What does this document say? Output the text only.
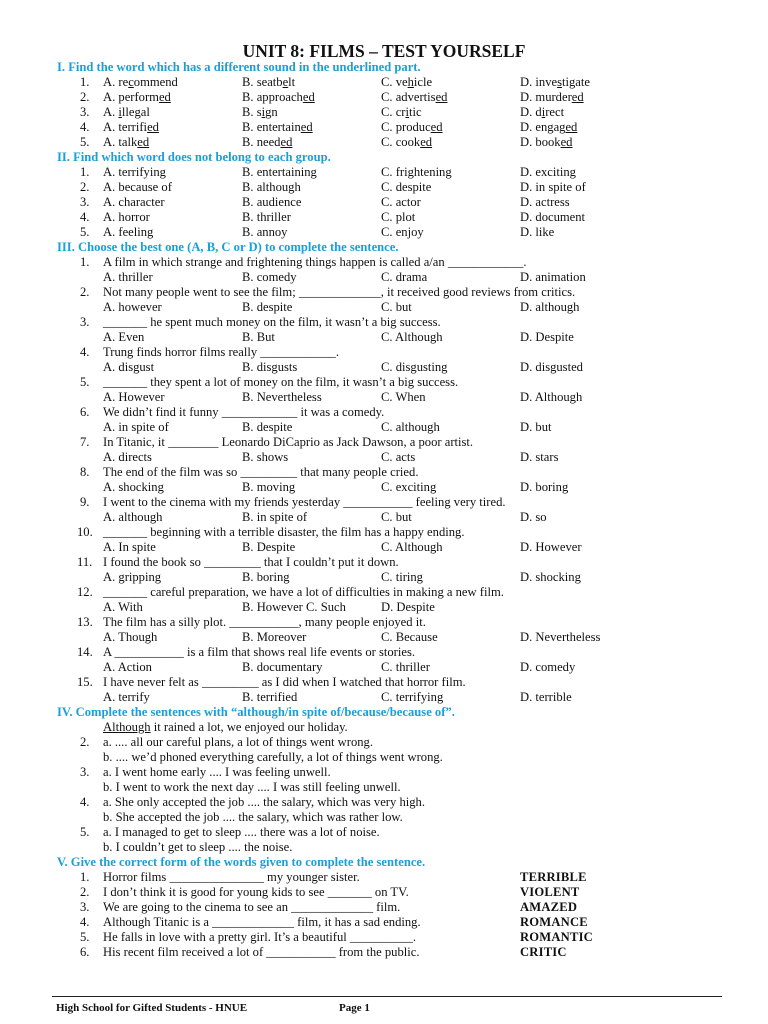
UNIT 8: FILMS – TEST YOURSELF
I. Find the word which has a different sound in the underlined part.
1. A. recommend	B. seatbelt	C. vehicle	D. investigate
2. A. performed	B. approached	C. advertised	D. murdered
3. A. illegal	B. sign	C. critic	D. direct
4. A. terrified	B. entertained	C. produced	D. engaged
5. A. talked	B. needed	C. cooked	D. booked
II. Find which word does not belong to each group.
1. A. terrifying	B. entertaining	C. frightening	D. exciting
2. A. because of	B. although	C. despite	D. in spite of
3. A. character	B. audience	C. actor	D. actress
4. A. horror	B. thriller	C. plot	D. document
5. A. feeling	B. annoy	C. enjoy	D. like
III. Choose the best one (A, B, C or D) to complete the sentence.
1. A film in which strange and frightening things happen is called a/an ____________.
A. thriller	B. comedy	C. drama	D. animation
2. Not many people went to see the film; _____________, it received good reviews from critics.
A. however	B. despite	C. but	D. although
3. _______ he spent much money on the film, it wasn’t a big success.
A. Even	B. But	C. Although	D. Despite
4. Trung finds horror films really ____________.
A. disgust	B. disgusts	C. disgusting	D. disgusted
5. _______ they spent a lot of money on the film, it wasn’t a big success.
A. However	B. Nevertheless	C. When	D. Although
6. We didn’t find it funny ____________ it was a comedy.
A. in spite of	B. despite	C. although	D. but
7. In Titanic, it ________ Leonardo DiCaprio as Jack Dawson, a poor artist.
A. directs	B. shows	C. acts	D. stars
8. The end of the film was so _________ that many people cried.
A. shocking	B. moving	C. exciting	D. boring
9. I went to the cinema with my friends yesterday ___________ feeling very tired.
A. although	B. in spite of	C. but	D. so
10. _______ beginning with a terrible disaster, the film has a happy ending.
A. In spite	B. Despite	C. Although	D. However
11. I found the book so _________ that I couldn’t put it down.
A. gripping	B. boring	C. tiring	D. shocking
12. _______ careful preparation, we have a lot of difficulties in making a new film.
A. With	B. However C. Such	D. Despite
13. The film has a silly plot. ___________, many people enjoyed it.
A. Though	B. Moreover	C. Because	D. Nevertheless
14. A ___________ is a film that shows real life events or stories.
A. Action	B. documentary	C. thriller	D. comedy
15. I have never felt as _________ as I did when I watched that horror film.
A. terrify	B. terrified	C. terrifying	D. terrible
IV. Complete the sentences with “although/in spite of/because/because of”.
Although it rained a lot, we enjoyed our holiday.
2. a. .... all our careful plans, a lot of things went wrong.
b. .... we’d phoned everything carefully, a lot of things went wrong.
3. a. I went home early .... I was feeling unwell.
b. I went to work the next day .... I was still feeling unwell.
4. a. She only accepted the job .... the salary, which was very high.
b. She accepted the job .... the salary, which was rather low.
5. a. I managed to get to sleep .... there was a lot of noise.
b. I couldn’t get to sleep .... the noise.
V. Give the correct form of the words given to complete the sentence.
1. Horror films _______________ my younger sister.	TERRIBLE
2. I don’t think it is good for young kids to see _______ on TV.	VIOLENT
3. We are going to the cinema to see an _____________ film.	AMAZED
4. Although Titanic is a _____________ film, it has a sad ending.	ROMANCE
5. He falls in love with a pretty girl. It’s a beautiful __________.	ROMANTIC
6. His recent film received a lot of ___________ from the public.	CRITIC
High School for Gifted Students - HNUE	Page 1
